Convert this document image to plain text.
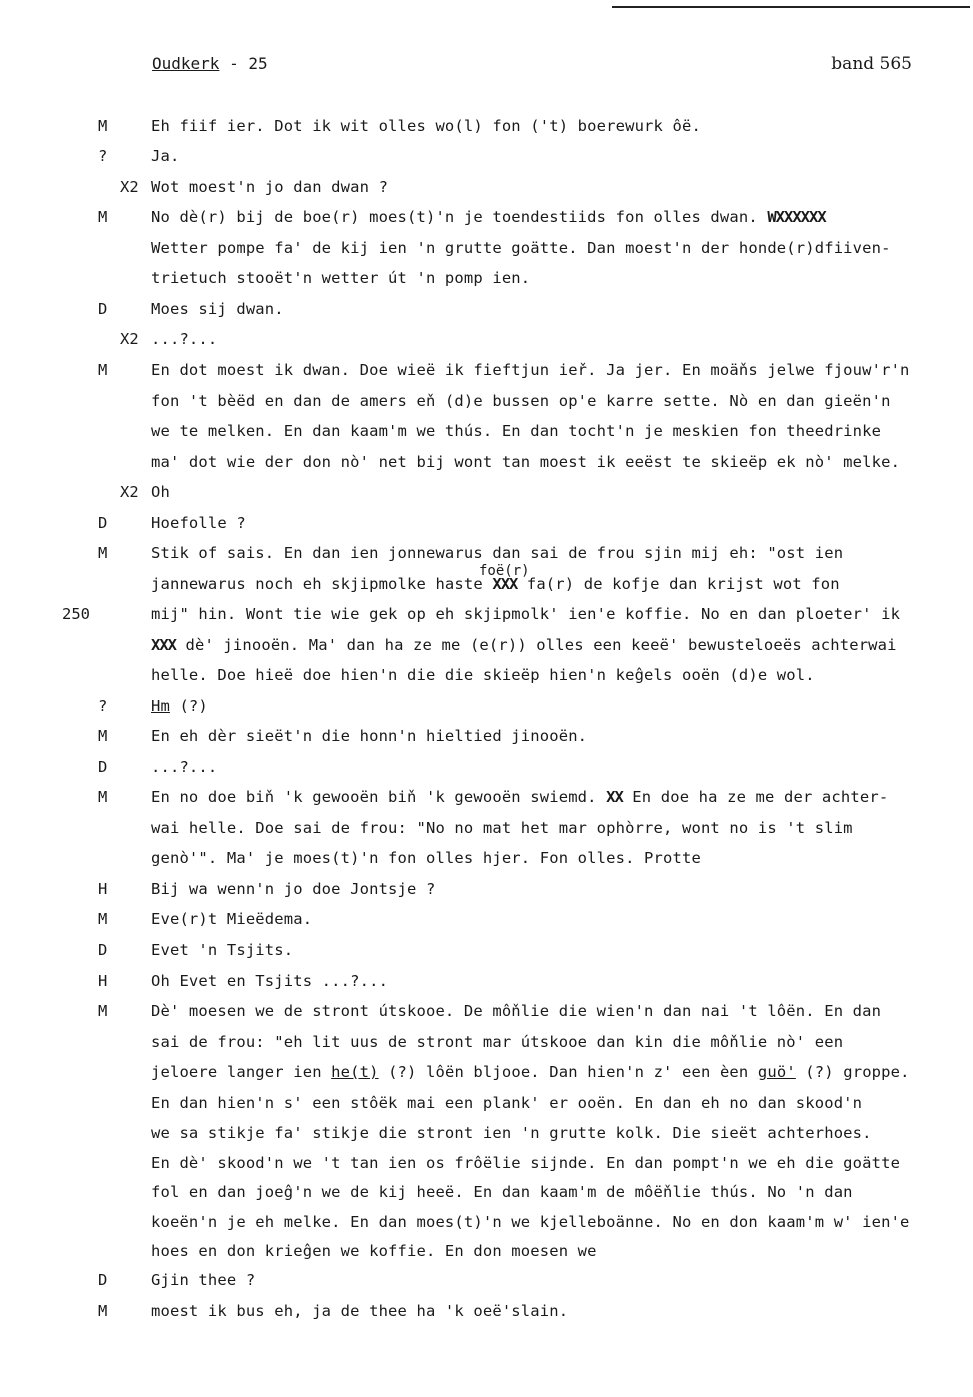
Oudkerk - 25	band 565
M	Eh fiif ier. Dot ik wit olles wo(l) fon ('t) boerewurk ôë.
?	Ja.
X2 Wot moest'n jo dan dwan ?
M	No dè(r) bij de boe(r) moes(t)'n je toendestiids fon olles dwan. WXXXXXX
Wetter pompe fa' de kij ien 'n grutte goätte. Dan moest'n der honde(r)dfiiven-
trietuch stooët'n wetter út 'n pomp ien.
D	Moes sij dwan.
X2 ...?...
M	En dot moest ik dwan. Doe wieë ik fieftjun ieř. Ja jer. En moäňs jelwe fjouw'r'n
fon 't bèëd en dan de amers eň (d)e bussen op'e karre sette. Nò en dan gieën'n
we te melken. En dan kaam'm we thús. En dan tocht'n je meskien fon theedrinke
ma' dot wie der don nò' net bij wont tan moest ik eeëst te skieëp ek nò' melke.
X2 Oh
D	Hoefolle ?
M	Stik of sais. En dan ien jonnewarus dan sai de frou sjin mij eh: "ost ien
foë(r)
jannewarus noch eh skjipmolke haste XXX fa(r) de kofje dan krijst wot fon
250	mij" hin. Wont tie wie gek op eh skjipmolk' ien'e koffie. No en dan ploeter' ik
XXX dè' jinooën. Ma' dan ha ze me (e(r)) olles een keeë' bewusteloeës achterwai
helle. Doe hieë doe hien'n die die skieëp hien'n keĝels ooën (d)e wol.
?	Hm (?)
M	En eh dèr sieët'n die honn'n hieltied jinooën.
D	...?...
M	En no doe biň 'k gewooën biň 'k gewooën swiemd. XX En doe ha ze me der achter-
wai helle. Doe sai de frou: "No no mat het mar ophòrre, wont no is 't slim
genò'". Ma' je moes(t)'n fon olles hjer. Fon olles. Protte
H	Bij wa wenn'n jo doe Jontsje ?
M	Eve(r)t Mieëdema.
D	Evet 'n Tsjits.
H	Oh Evet en Tsjits ...?...
M	Dè' moesen we de stront útskooe. De môňlie die wien'n dan nai 't lôën. En dan
sai de frou: "eh lit uus de stront mar útskooe dan kin die môňlie nò' een
jeloere langer ien he(t) (?) lôën bljooe. Dan hien'n z' een èen guö' (?) groppe.
En dan hien'n s' een stôëk mai een plank' er ooën. En dan eh no dan skood'n
we sa stikje fa' stikje die stront ien 'n grutte kolk. Die sieët achterhoes.
En dè' skood'n we 't tan ien os frôëlie sijnde. En dan pompt'n we eh die goätte
fol en dan joeĝ'n we de kij heeë. En dan kaam'm de môëňlie thús. No 'n dan
koeën'n je eh melke. En dan moes(t)'n we kjelleboänne. No en don kaam'm w' ien'e
hoes en don krieĝen we koffie. En don moesen we
D	Gjin thee ?
M	moest ik bus eh, ja de thee ha 'k oeë'slain.
